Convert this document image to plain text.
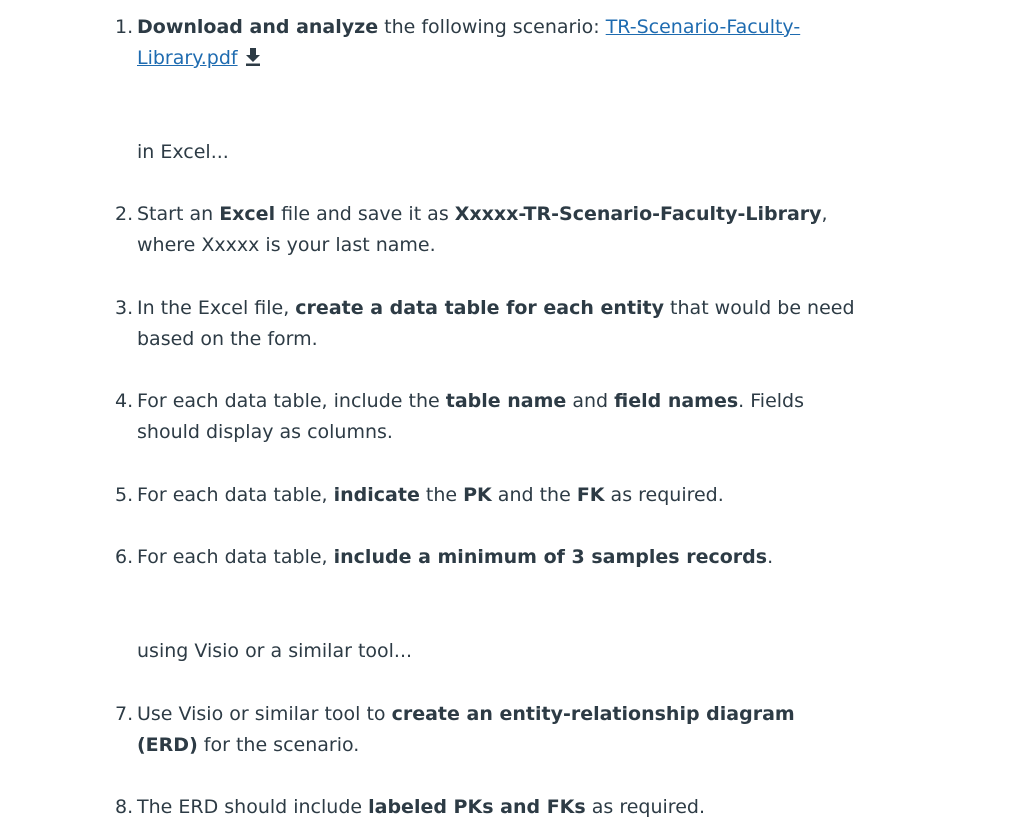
1. Download and analyze the following scenario: TR-Scenario-Faculty-Library.pdf
in Excel...
2. Start an Excel file and save it as Xxxxx-TR-Scenario-Faculty-Library, where Xxxxx is your last name.
3. In the Excel file, create a data table for each entity that would be need based on the form.
4. For each data table, include the table name and field names. Fields should display as columns.
5. For each data table, indicate the PK and the FK as required.
6. For each data table, include a minimum of 3 samples records.
using Visio or a similar tool...
7. Use Visio or similar tool to create an entity-relationship diagram (ERD) for the scenario.
8. The ERD should include labeled PKs and FKs as required.
